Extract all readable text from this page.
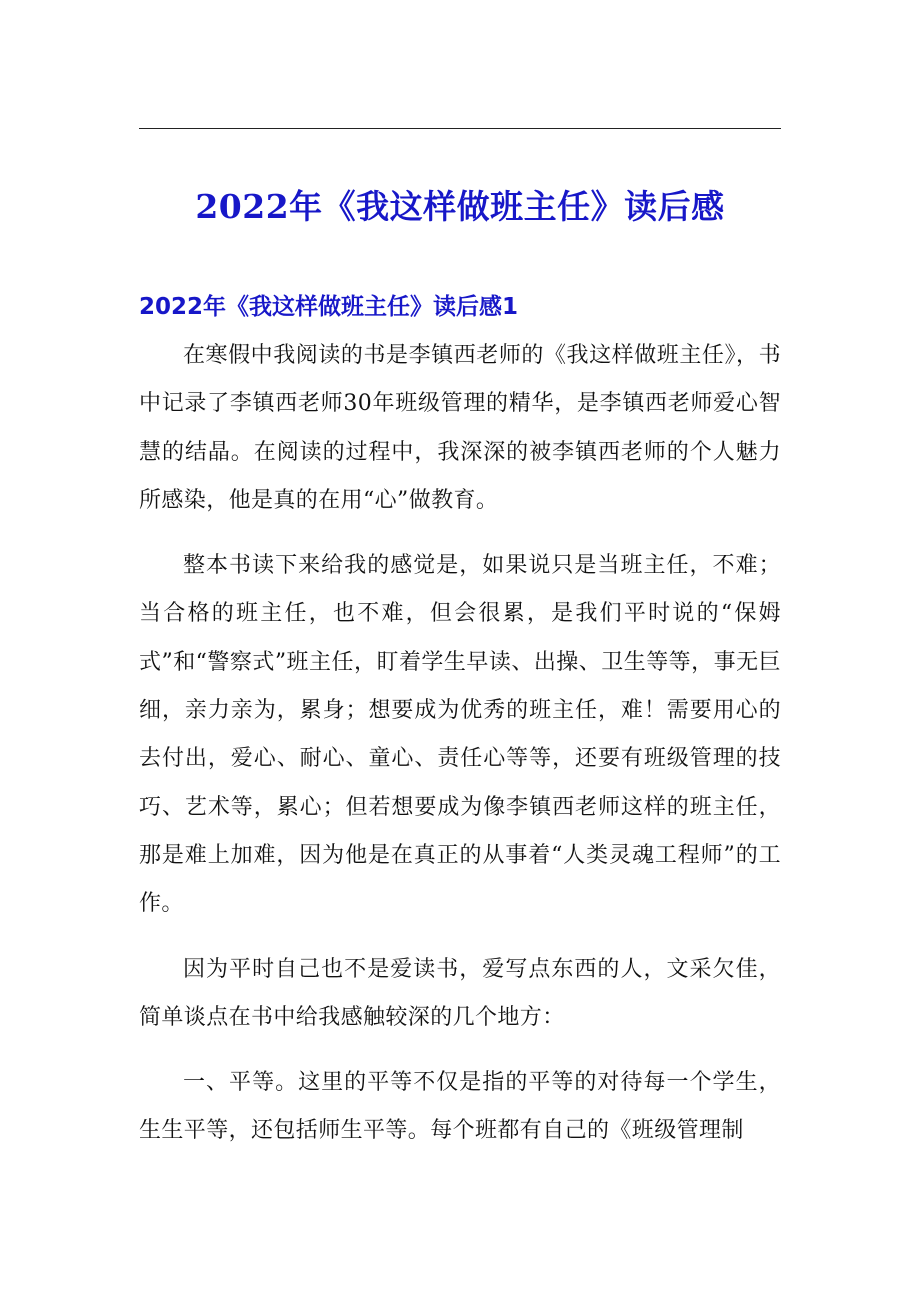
2022年《我这样做班主任》读后感
2022年《我这样做班主任》读后感1

在寒假中我阅读的书是李镇西老师的《我这样做班主任》，书中记录了李镇西老师30年班级管理的精华，是李镇西老师爱心智慧的结晶。在阅读的过程中，我深深的被李镇西老师的个人魅力所感染，他是真的在用“心”做教育。

整本书读下来给我的感觉是，如果说只是当班主任，不难；当合格的班主任，也不难，但会很累，是我们平时说的“保姆式”和“警察式”班主任，盯着学生早读、出操、卫生等等，事无巨细，亲力亲为，累身；想要成为优秀的班主任，难！需要用心的去付出，爱心、耐心、童心、责任心等等，还要有班级管理的技巧、艺术等，累心；但若想要成为像李镇西老师这样的班主任，那是难上加难，因为他是在真正的从事着“人类灵魂工程师”的工作。

因为平时自己也不是爱读书，爱写点东西的人，文采欠佳，简单谈点在书中给我感触较深的几个地方：

一、平等。这里的平等不仅是指的平等的对待每一个学生，生生平等，还包括师生平等。每个班都有自己的《班级管理制
